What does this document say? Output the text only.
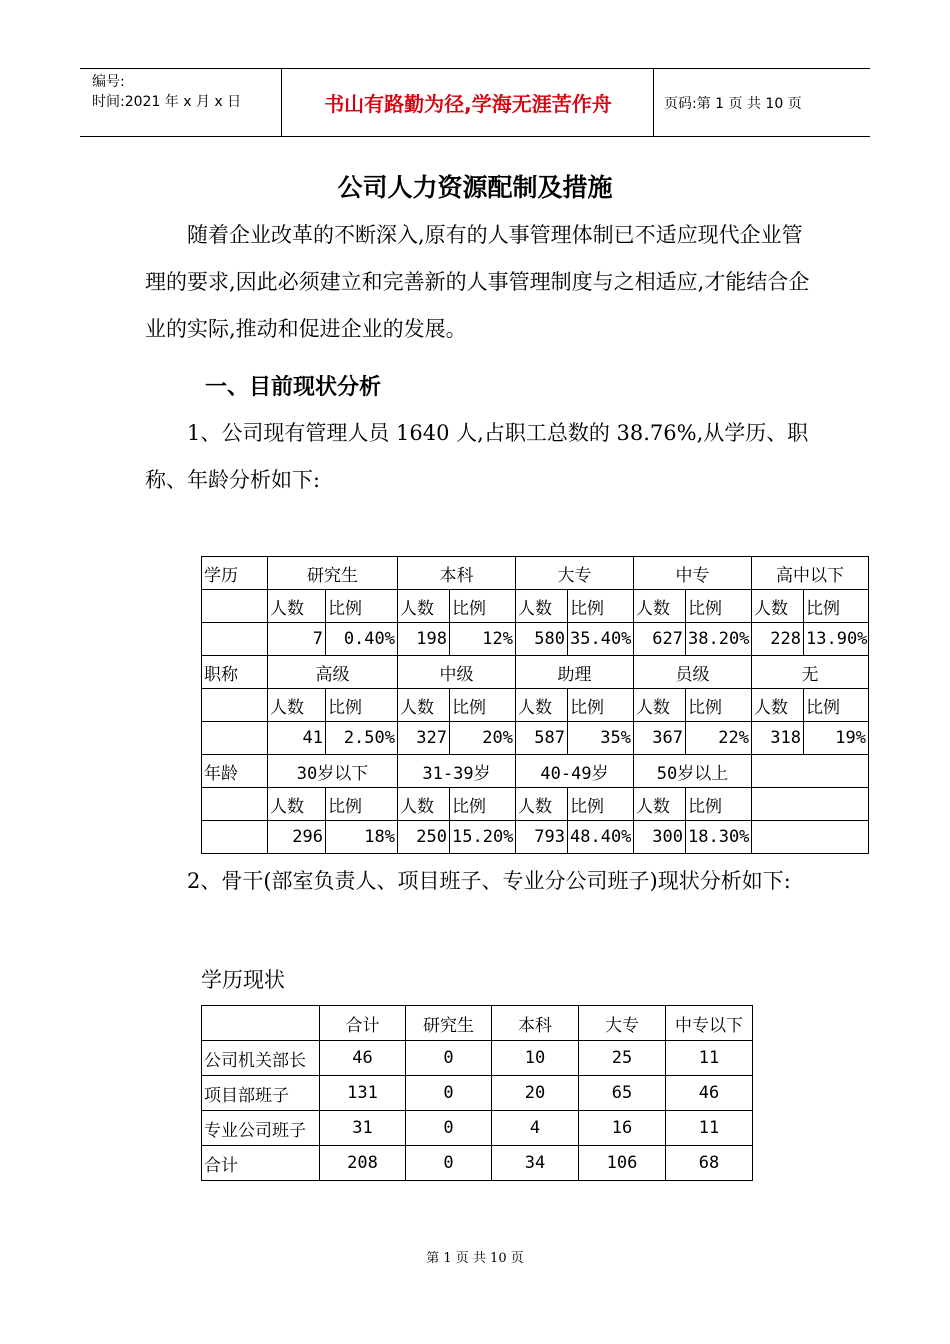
编号:
时间:2021 年 x 月 x 日	书山有路勤为径,学海无涯苦作舟	页码:第 1 页 共 10 页
公司人力资源配制及措施
随着企业改革的不断深入,原有的人事管理体制已不适应现代企业管理的要求,因此必须建立和完善新的人事管理制度与之相适应,才能结合企业的实际,推动和促进企业的发展。
一、目前现状分析
1、公司现有管理人员 1640 人,占职工总数的 38.76%,从学历、职称、年龄分析如下:
学历	研究生		本科		大专		中专		高中以下	
	人数	比例	人数	比例	人数	比例	人数	比例	人数	比例
	7	0.40%	198	12%	580	35.40%	627	38.20%	228	13.90%
职称	高级		中级		助理		员级		无	
	人数	比例	人数	比例	人数	比例	人数	比例	人数	比例
	41	2.50%	327	20%	587	35%	367	22%	318	19%
年龄	30岁以下		31-39岁		40-49岁		50岁以上			
	人数	比例	人数	比例	人数	比例	人数	比例		
	296	18%	250	15.20%	793	48.40%	300	18.30%		
2、骨干(部室负责人、项目班子、专业分公司班子)现状分析如下:
学历现状
	合计	研究生	本科	大专	中专以下
公司机关部长	46	0	10	25	11
项目部班子	131	0	20	65	46
专业公司班子	31	0	4	16	11
合计	208	0	34	106	68
第 1 页 共 10 页
